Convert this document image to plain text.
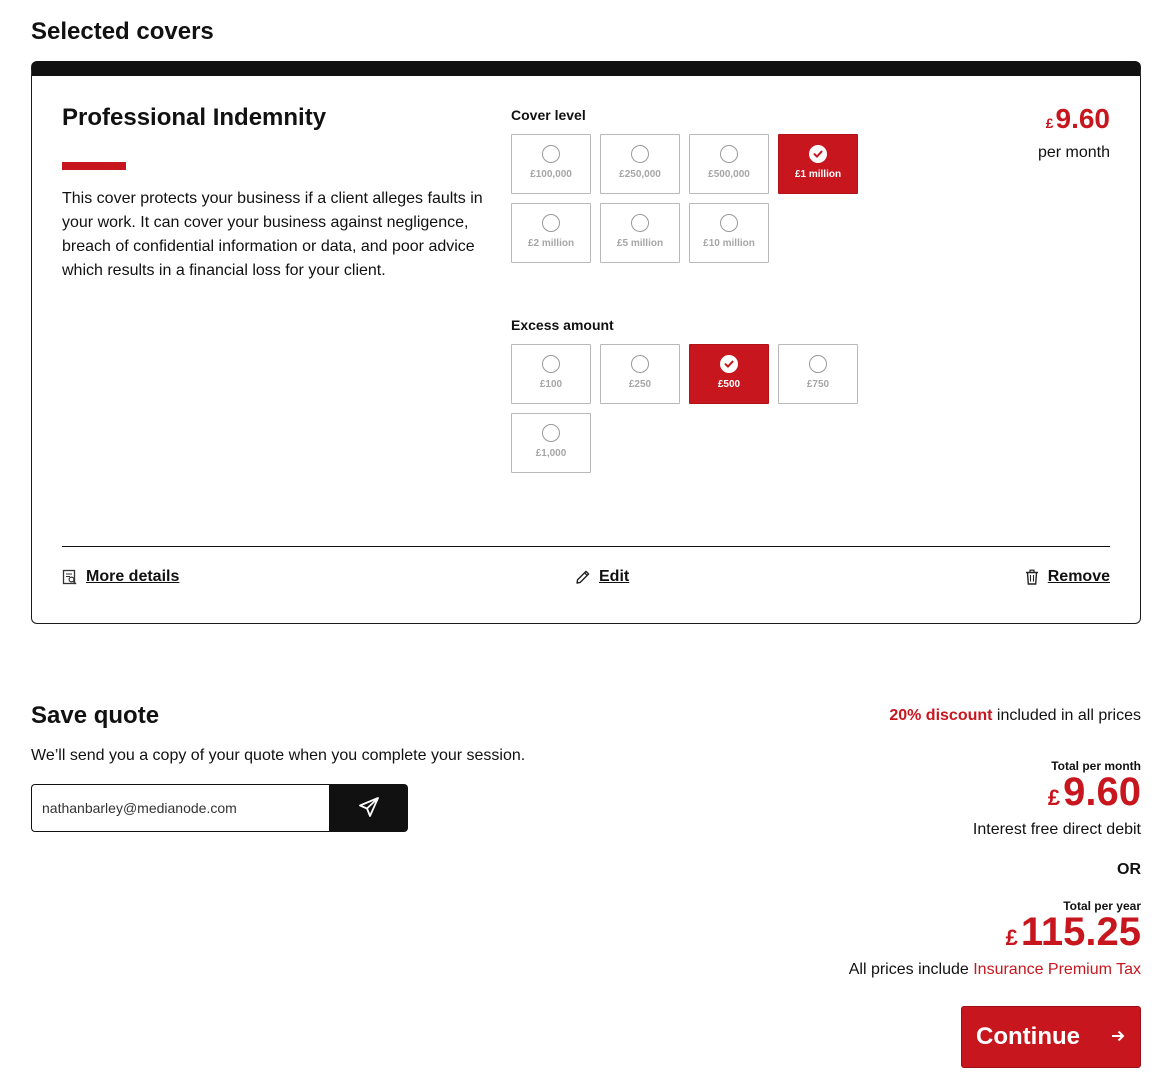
Selected covers
Professional Indemnity
This cover protects your business if a client alleges faults in your work. It can cover your business against negligence, breach of confidential information or data, and poor advice which results in a financial loss for your client.
Cover level
£100,000	£250,000	£500,000	£1 million
£2 million	£5 million	£10 million
Excess amount
£100	£250	£500	£750
£1,000
£9.60
per month
More details	Edit	Remove
Save quote
We’ll send you a copy of your quote when you complete your session.
nathanbarley@medianode.com
20% discount included in all prices
Total per month
£9.60
Interest free direct debit
OR
Total per year
£115.25
All prices include Insurance Premium Tax
Continue
